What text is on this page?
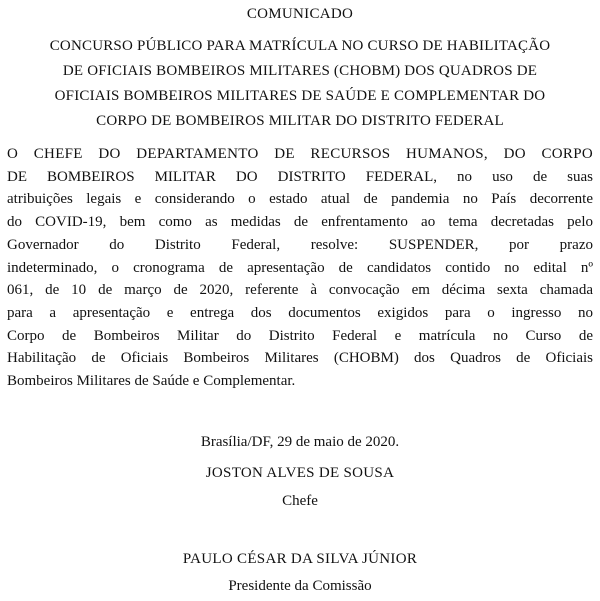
COMUNICADO
CONCURSO PÚBLICO PARA MATRÍCULA NO CURSO DE HABILITAÇÃO
DE OFICIAIS BOMBEIROS MILITARES (CHOBM) DOS QUADROS DE
OFICIAIS BOMBEIROS MILITARES DE SAÚDE E COMPLEMENTAR DO
CORPO DE BOMBEIROS MILITAR DO DISTRITO FEDERAL
O CHEFE DO DEPARTAMENTO DE RECURSOS HUMANOS, DO CORPO
DE BOMBEIROS MILITAR DO DISTRITO FEDERAL, no uso de suas
atribuições legais e considerando o estado atual de pandemia no País decorrente
do COVID-19, bem como as medidas de enfrentamento ao tema decretadas pelo
Governador do Distrito Federal, resolve: SUSPENDER, por prazo
indeterminado, o cronograma de apresentação de candidatos contido no edital nº
061, de 10 de março de 2020, referente à convocação em décima sexta chamada
para a apresentação e entrega dos documentos exigidos para o ingresso no
Corpo de Bombeiros Militar do Distrito Federal e matrícula no Curso de
Habilitação de Oficiais Bombeiros Militares (CHOBM) dos Quadros de Oficiais
Bombeiros Militares de Saúde e Complementar.
Brasília/DF, 29 de maio de 2020.
JOSTON ALVES DE SOUSA
Chefe
PAULO CÉSAR DA SILVA JÚNIOR
Presidente da Comissão
